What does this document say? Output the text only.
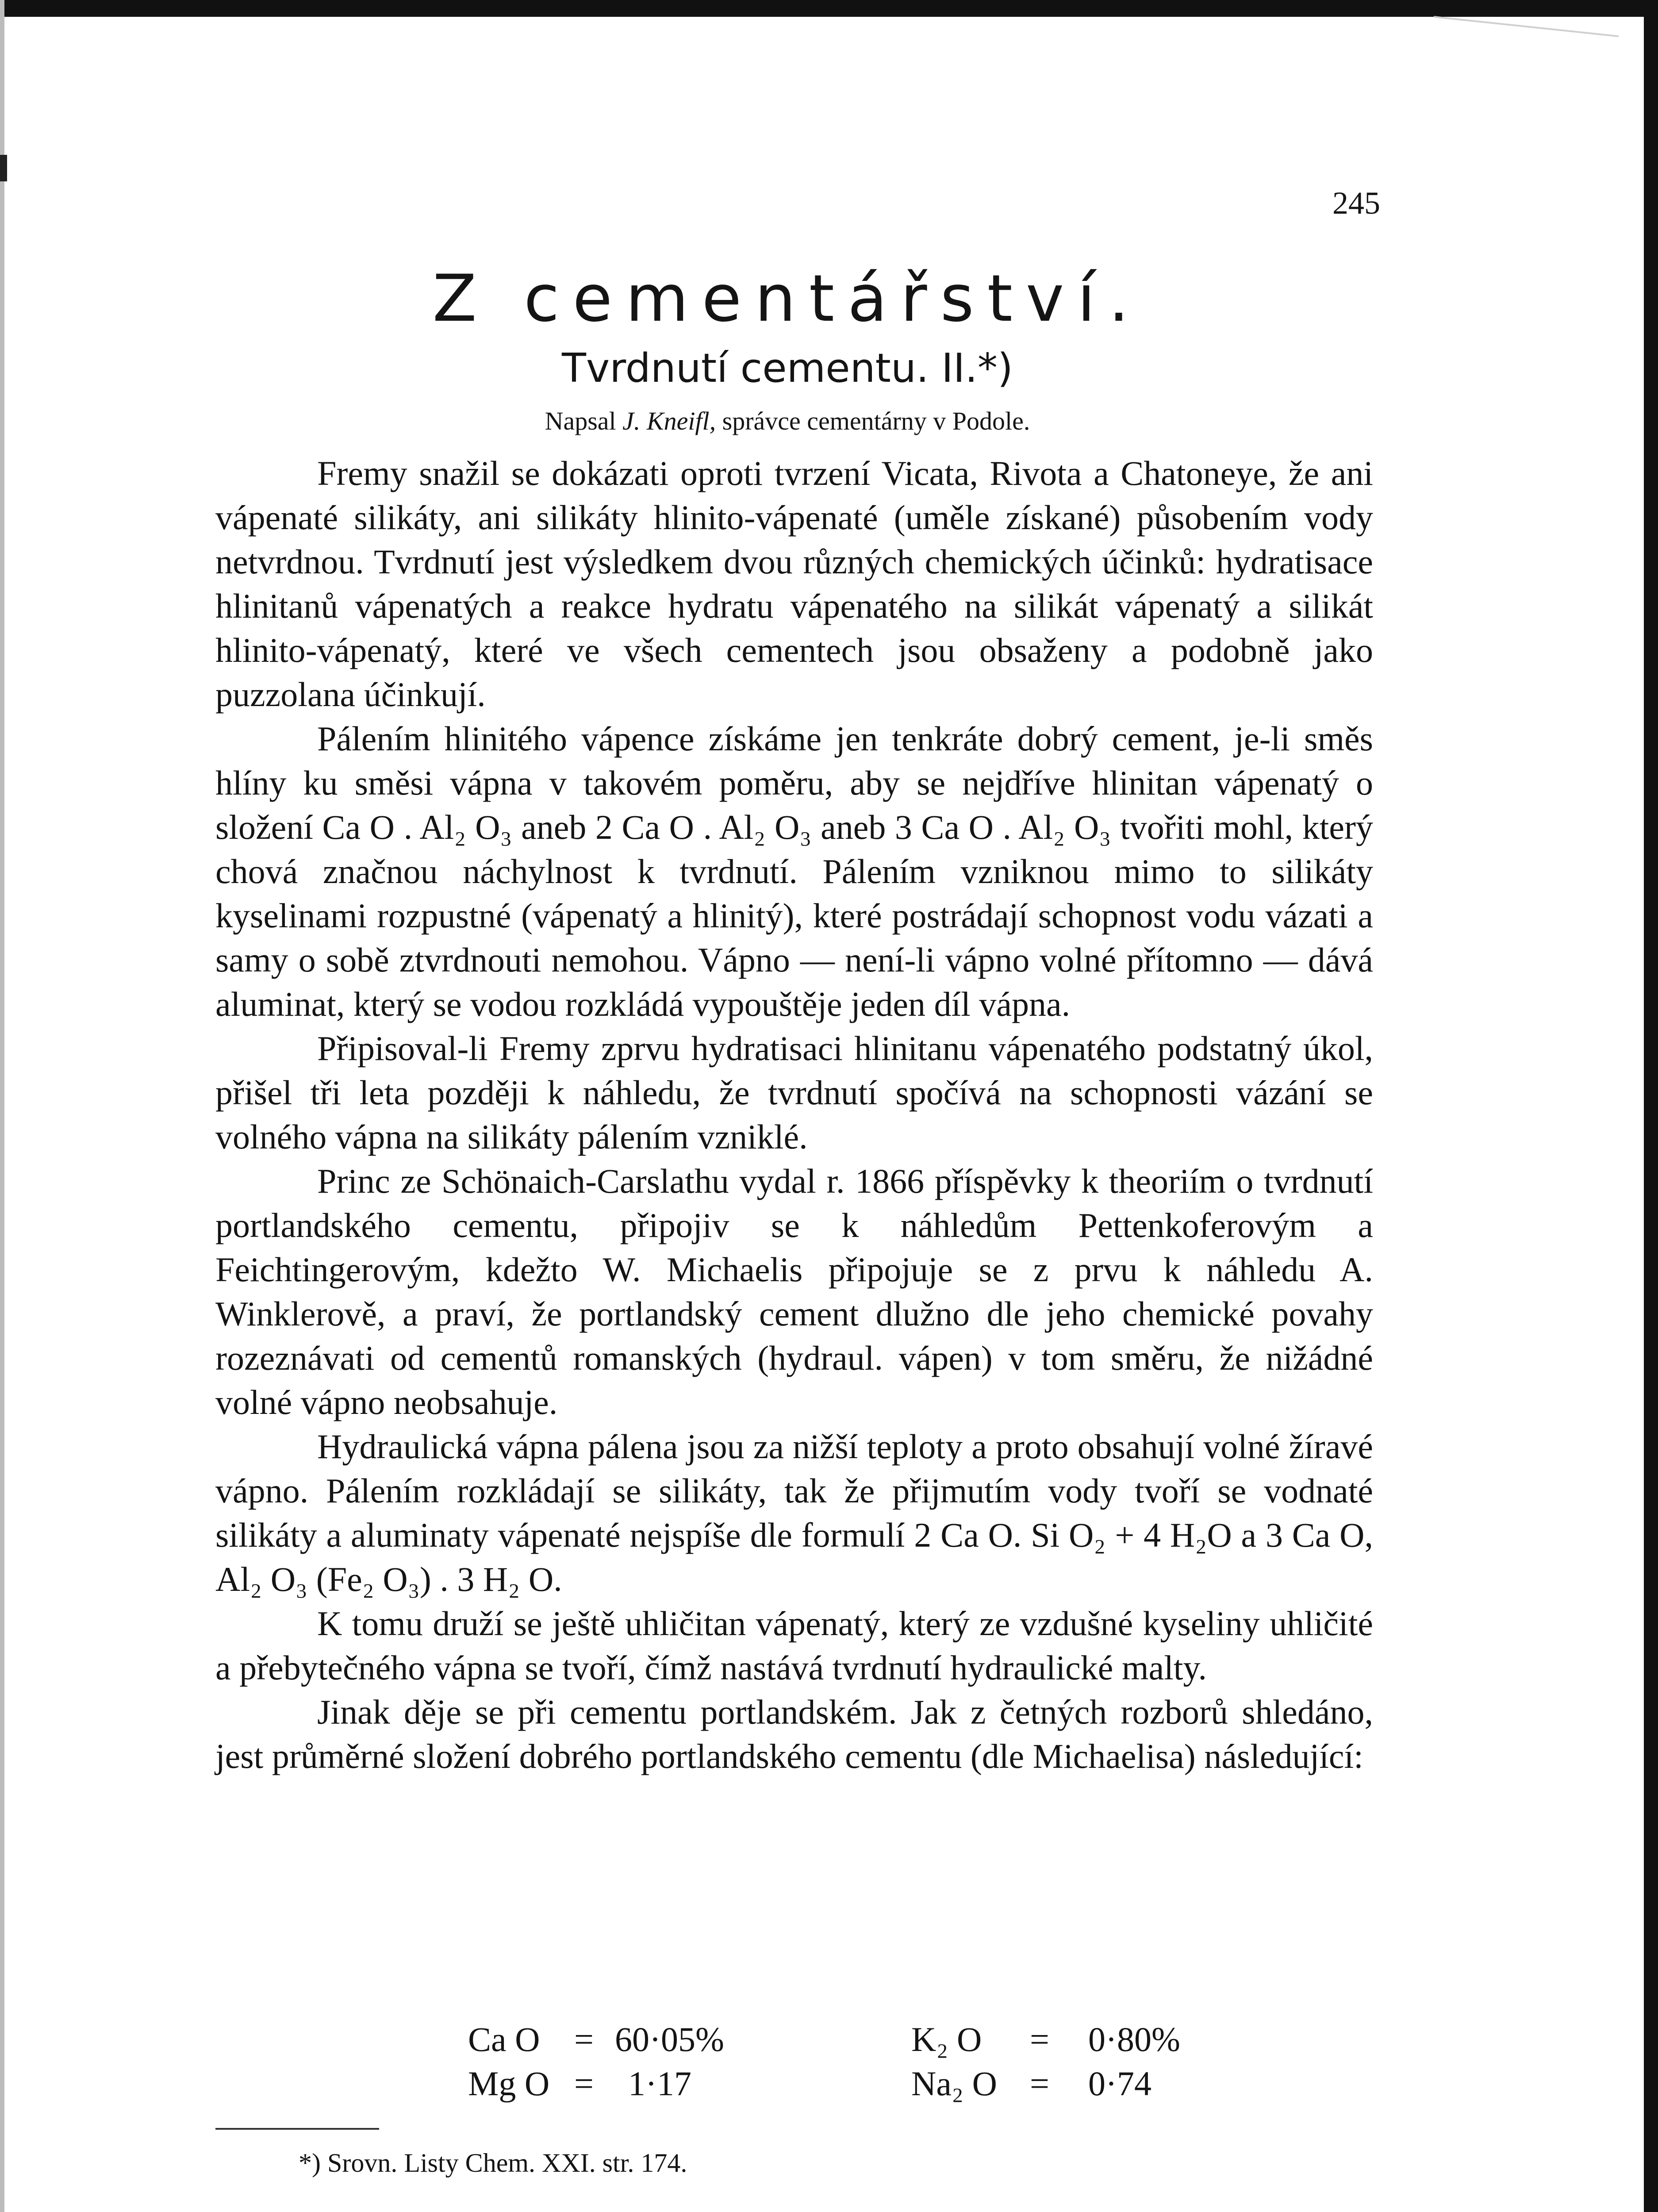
245
Z cementářství.
Tvrdnutí cementu. II.*)
Napsal J. Kneifl, správce cementárny v Podole.

Fremy snažil se dokázati oproti tvrzení Vicata, Rivota a Chatoneye, že ani vápenaté silikáty, ani silikáty hlinito-vápenaté (uměle získané) působením vody netvrdnou. Tvrdnutí jest výsledkem dvou různých chemických účinků: hydratisace hlinitanů vápenatých a reakce hydratu vápenatého na silikát vápenatý a silikát hlinito-vápenatý, které ve všech cementech jsou obsaženy a podobně jako puzzolana účinkují.

Pálením hlinitého vápence získáme jen tenkráte dobrý cement, je-li směs hlíny ku směsi vápna v takovém poměru, aby se nejdříve hlinitan vápenatý o složení Ca O . Al₂ O₃ aneb 2 Ca O . Al₂ O₃ aneb 3 Ca O . Al₂ O₃ tvořiti mohl, který chová značnou náchylnost k tvrdnutí. Pálením vzniknou mimo to silikáty kyselinami rozpustné (vápenatý a hlinitý), které postrádají schopnost vodu vázati a samy o sobě ztvrdnouti nemohou. Vápno — není-li vápno volné přítomno — dává aluminat, který se vodou rozkládá vypouštěje jeden díl vápna.

Připisoval-li Fremy zprvu hydratisaci hlinitanu vápenatého podstatný úkol, přišel tři leta později k náhledu, že tvrdnutí spočívá na schopnosti vázání se volného vápna na silikáty pálením vzniklé.

Princ ze Schönaich-Carslathu vydal r. 1866 příspěvky k theoriím o tvrdnutí portlandského cementu, připojiv se k náhledům Pettenkoferovým a Feichtingerovým, kdežto W. Michaelis připojuje se z prvu k náhledu A. Winklerově, a praví, že portlandský cement dlužno dle jeho chemické povahy rozeznávati od cementů romanských (hydraul. vápen) v tom směru, že nižádné volné vápno neobsahuje.

Hydraulická vápna pálena jsou za nižší teploty a proto obsahují volné žíravé vápno. Pálením rozkládají se silikáty, tak že přijmutím vody tvoří se vodnaté silikáty a aluminaty vápenaté nejspíše dle formulí 2 Ca O. Si O₂ + 4 H₂O a 3 Ca O, Al₂ O₃ (Fe₂ O₃) . 3 H₂ O.

K tomu druží se ještě uhličitan vápenatý, který ze vzdušné kyseliny uhličité a přebytečného vápna se tvoří, čímž nastává tvrdnutí hydraulické malty.

Jinak děje se při cementu portlandském. Jak z četných rozborů shledáno, jest průměrné složení dobrého portlandského cementu (dle Michaelisa) následující:

Ca O = 60·05%	K₂ O = 0·80%
Mg O = 1·17	Na₂ O = 0·74
*) Srovn. Listy Chem. XXI. str. 174.
